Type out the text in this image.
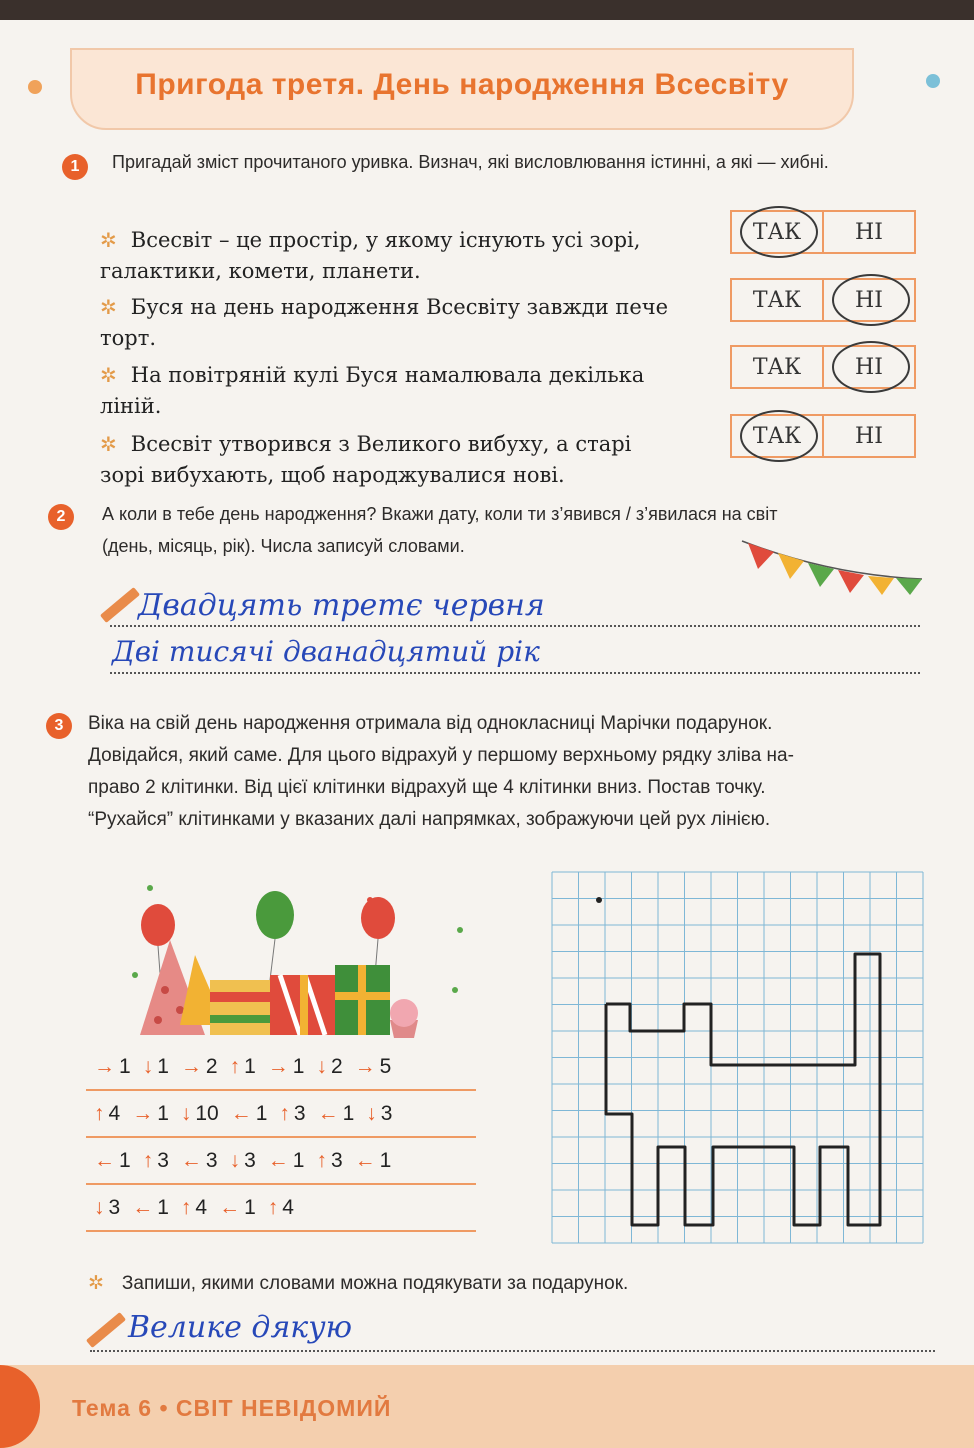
Пригода третя. День народження Всесвіту
1	Пригадай зміст прочитаного уривка. Визнач, які висловлювання істинні, а які — хибні.
✲ Всесвіт – це простір, у якому існують усі зорі, галактики, комети, планети.
✲ Буся на день народження Всесвіту завжди пече торт.
✲ На повітряній кулі Буся намалювала декілька ліній.
✲ Всесвіт утворився з Великого вибуху, а старі зорі вибухають, щоб народжувалися нові.
ТАК	НІ
ТАК	НІ
ТАК	НІ
ТАК	НІ
2	А коли в тебе день народження? Вкажи дату, коли ти з’явився / з’явилася на світ
(день, місяць, рік). Числа записуй словами.
Двадцять третє червня
Дві тисячі дванадцятий рік
3	Віка на свій день народження отримала від однокласниці Марічки подарунок.
Довідайся, який саме. Для цього відрахуй у першому верхньому рядку зліва на-
право 2 клітинки. Від цієї клітинки відрахуй ще 4 клітинки вниз. Постав точку.
“Рухайся” клітинками у вказаних далі напрямках, зображуючи цей рух лінією.
→ 1 ↓ 1 → 2 ↑ 1 → 1 ↓ 2 → 5
↑ 4 → 1 ↓ 10 ← 1 ↑ 3 ← 1 ↓ 3
← 1 ↑ 3 ← 3 ↓ 3 ← 1 ↑ 3 ← 1
↓ 3 ← 1 ↑ 4 ← 1 ↑ 4
✲ Запиши, якими словами можна подякувати за подарунок.
Велике дякую
Тема 6 • СВІТ НЕВІДОМИЙ
